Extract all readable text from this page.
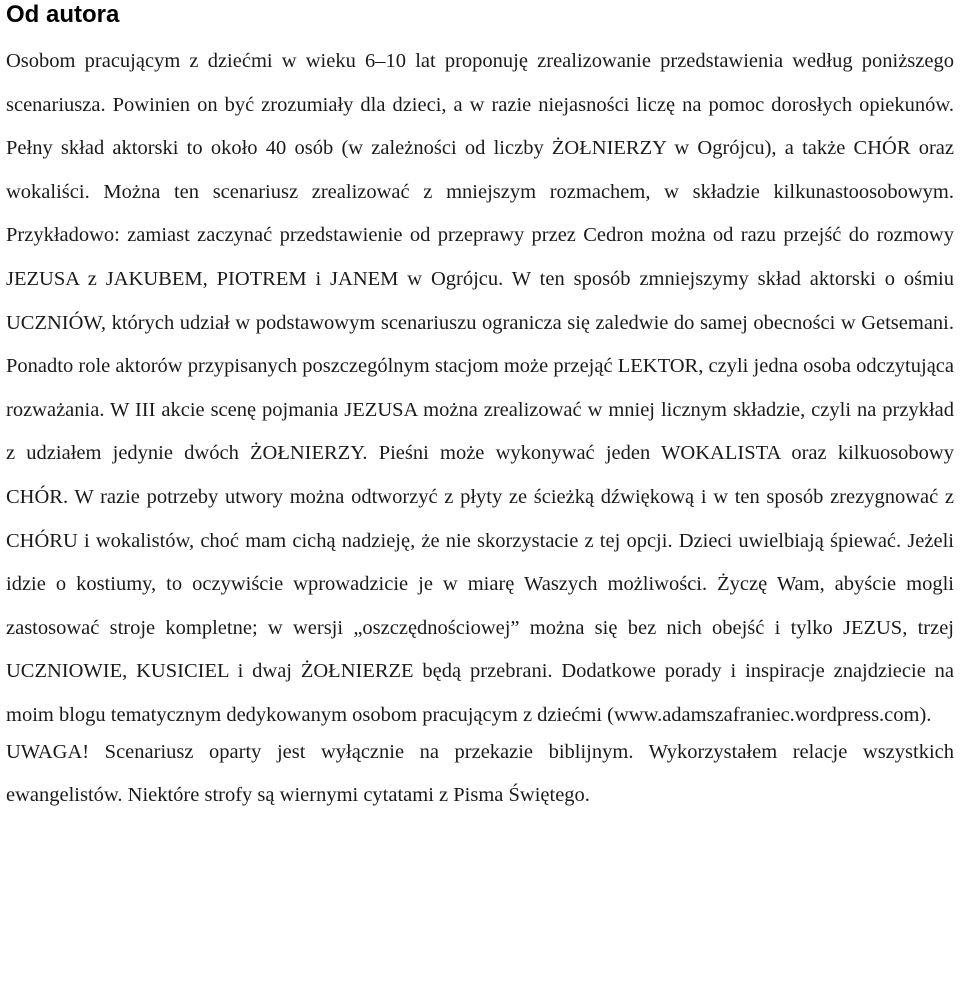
Od autora

Osobom pracującym z dziećmi w wieku 6–10 lat proponuję zrealizowanie przedstawienia według poniższego scenariusza. Powinien on być zrozumiały dla dzieci, a w razie niejasności liczę na pomoc dorosłych opiekunów. Pełny skład aktorski to około 40 osób (w zależności od liczby ŻOŁNIERZY w Ogrójcu), a także CHÓR oraz wokaliści. Można ten scenariusz zrealizować z mniejszym rozmachem, w składzie kilkunastoosobowym. Przykładowo: zamiast zaczynać przedstawienie od przeprawy przez Cedron można od razu przejść do rozmowy JEZUSA z JAKUBEM, PIOTREM i JANEM w Ogrójcu. W ten sposób zmniejszymy skład aktorski o ośmiu UCZNIÓW, których udział w podstawowym scenariuszu ogranicza się zaledwie do samej obecności w Getsemani. Ponadto role aktorów przypisanych poszczególnym stacjom może przejąć LEKTOR, czyli jedna osoba odczytująca rozważania. W III akcie scenę pojmania JEZUSA można zrealizować w mniej licznym składzie, czyli na przykład z udziałem jedynie dwóch ŻOŁNIERZY. Pieśni może wykonywać jeden WOKALISTA oraz kilkuosobowy CHÓR. W razie potrzeby utwory można odtworzyć z płyty ze ścieżką dźwiękową i w ten sposób zrezygnować z CHÓRU i wokalistów, choć mam cichą nadzieję, że nie skorzystacie z tej opcji. Dzieci uwielbiają śpiewać. Jeżeli idzie o kostiumy, to oczywiście wprowadzicie je w miarę Waszych możliwości. Życzę Wam, abyście mogli zastosować stroje kompletne; w wersji „oszczędnościowej” można się bez nich obejść i tylko JEZUS, trzej UCZNIOWIE, KUSICIEL i dwaj ŻOŁNIERZE będą przebrani. Dodatkowe porady i inspiracje znajdziecie na moim blogu tematycznym dedykowanym osobom pracującym z dziećmi (www.adamszafraniec.wordpress.com).

UWAGA! Scenariusz oparty jest wyłącznie na przekazie biblijnym. Wykorzystałem relacje wszystkich ewangelistów. Niektóre strofy są wiernymi cytatami z Pisma Świętego.
